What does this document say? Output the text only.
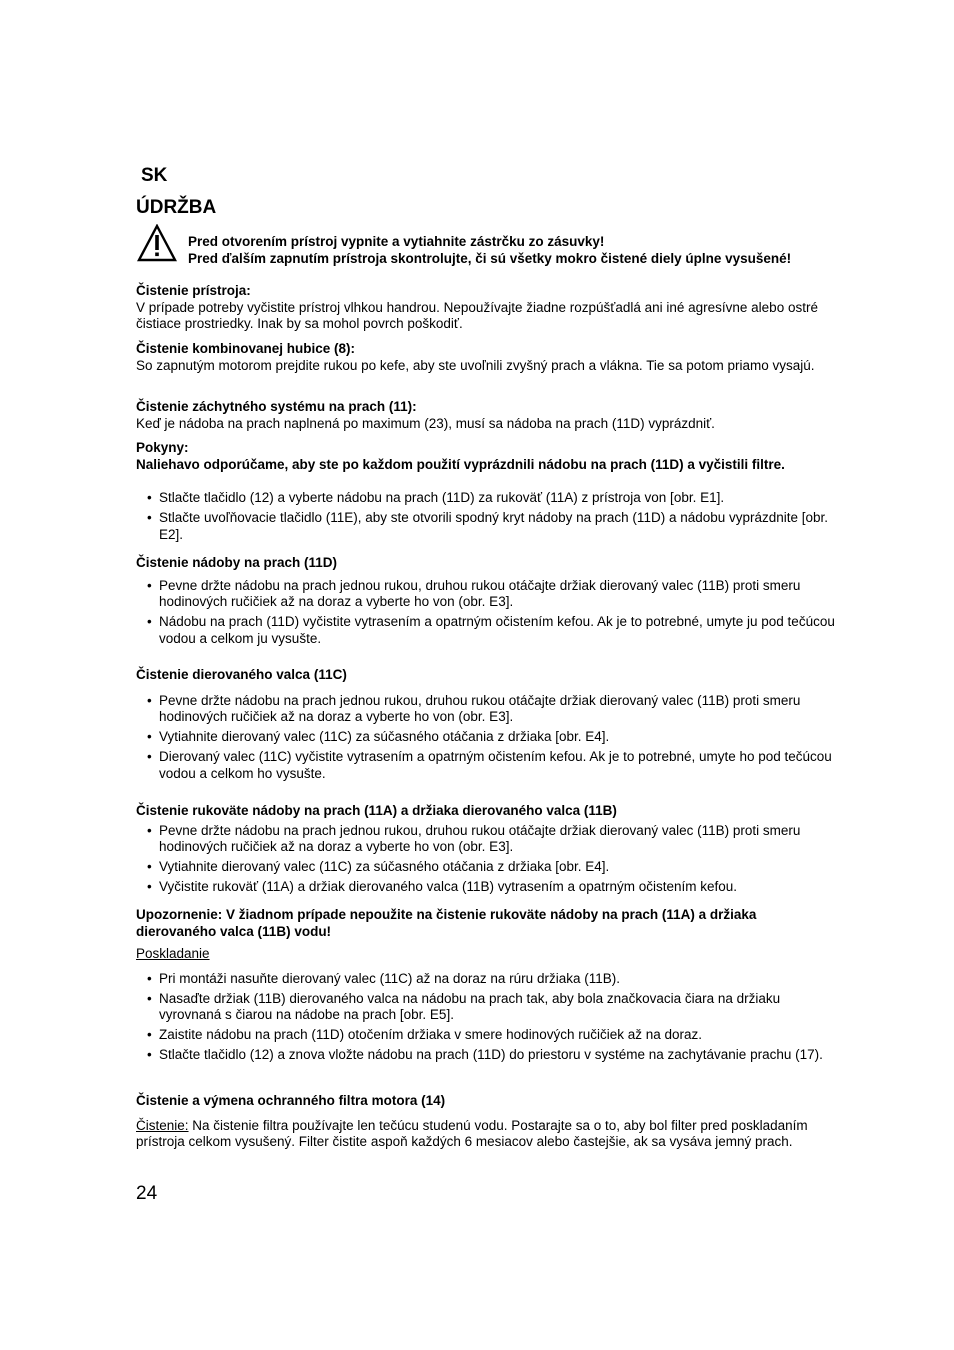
SK
ÚDRŽBA
Pred otvorením prístroj vypnite a vytiahnite zástrčku zo zásuvky!
Pred ďalším zapnutím prístroja skontrolujte, či sú všetky mokro čistené diely úplne vysušené!
Čistenie prístroja:
V prípade potreby vyčistite prístroj vlhkou handrou. Nepoužívajte žiadne rozpúšťadlá ani iné agresívne alebo ostré čistiace prostriedky. Inak by sa mohol povrch poškodiť.
Čistenie kombinovanej hubice (8):
So zapnutým motorom prejdite rukou po kefe, aby ste uvoľnili zvyšný prach a vlákna. Tie sa potom priamo vysajú.
Čistenie záchytného systému na prach (11):
Keď je nádoba na prach naplnená po maximum (23), musí sa nádoba na prach (11D) vyprázdniť.
Pokyny:
Naliehavo odporúčame, aby ste po každom použití vyprázdnili nádobu na prach (11D) a vyčistili filtre.
• Stlačte tlačidlo (12) a vyberte nádobu na prach (11D) za rukoväť (11A) z prístroja von [obr. E1].
• Stlačte uvoľňovacie tlačidlo (11E), aby ste otvorili spodný kryt nádoby na prach (11D) a nádobu vyprázdnite [obr. E2].
Čistenie nádoby na prach (11D)
• Pevne držte nádobu na prach jednou rukou, druhou rukou otáčajte držiak dierovaný valec (11B) proti smeru hodinových ručičiek až na doraz a vyberte ho von (obr. E3].
• Nádobu na prach (11D) vyčistite vytrasením a opatrným očistením kefou. Ak je to potrebné, umyte ju pod tečúcou vodou a celkom ju vysušte.
Čistenie dierovaného valca (11C)
• Pevne držte nádobu na prach jednou rukou, druhou rukou otáčajte držiak dierovaný valec (11B) proti smeru hodinových ručičiek až na doraz a vyberte ho von (obr. E3].
• Vytiahnite dierovaný valec (11C) za súčasného otáčania z držiaka [obr. E4].
• Dierovaný valec (11C) vyčistite vytrasením a opatrným očistením kefou. Ak je to potrebné, umyte ho pod tečúcou vodou a celkom ho vysušte.
Čistenie rukoväte nádoby na prach (11A) a držiaka dierovaného valca (11B)
• Pevne držte nádobu na prach jednou rukou, druhou rukou otáčajte držiak dierovaný valec (11B) proti smeru hodinových ručičiek až na doraz a vyberte ho von (obr. E3].
• Vytiahnite dierovaný valec (11C) za súčasného otáčania z držiaka [obr. E4].
• Vyčistite rukoväť (11A) a držiak dierovaného valca (11B) vytrasením a opatrným očistením kefou.
Upozornenie: V žiadnom prípade nepoužite na čistenie rukoväte nádoby na prach (11A) a držiaka dierovaného valca (11B) vodu!
Poskladanie
• Pri montáži nasuňte dierovaný valec (11C) až na doraz na rúru držiaka (11B).
• Nasaďte držiak (11B) dierovaného valca na nádobu na prach tak, aby bola značkovacia čiara na držiaku vyrovnaná s čiarou na nádobe na prach [obr. E5].
• Zaistite nádobu na prach (11D) otočením držiaka v smere hodinových ručičiek až na doraz.
• Stlačte tlačidlo (12) a znova vložte nádobu na prach (11D) do priestoru v systéme na zachytávanie prachu (17).
Čistenie a výmena ochranného filtra motora (14)
Čistenie: Na čistenie filtra používajte len tečúcu studenú vodu. Postarajte sa o to, aby bol filter pred poskladaním prístroja celkom vysušený. Filter čistite aspoň každých 6 mesiacov alebo častejšie, ak sa vysáva jemný prach.
24
